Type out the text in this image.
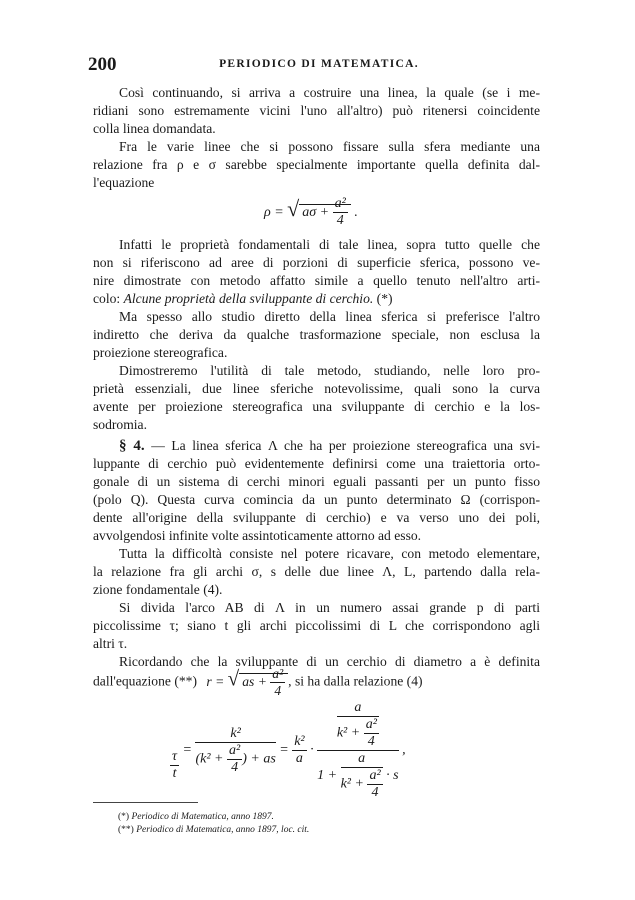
200	PERIODICO DI MATEMATICA.
Così continuando, si arriva a costruire una linea, la quale (se i me-
ridiani sono estremamente vicini l'uno all'altro) può ritenersi coincidente
colla linea domandata.
Fra le varie linee che si possono fissare sulla sfera mediante una
relazione fra ρ e σ sarebbe specialmente importante quella definita dal-
l'equazione
ρ = √ $a\sigma + \frac{\text{a²}}{4}$ .
Infatti le proprietà fondamentali di tale linea, sopra tutto quelle che
non si riferiscono ad aree di porzioni di superficie sferica, possono ve-
nire dimostrate con metodo affatto simile a quello tenuto nell'altro arti-
colo: Alcune proprietà della sviluppante di cerchio. (*)
Ma spesso allo studio diretto della linea sferica si preferisce l'altro
indiretto che deriva da qualche trasformazione speciale, non esclusa la
proiezione stereografica.
Dimostreremo l'utilità di tale metodo, studiando, nelle loro pro-
prietà essenziali, due linee sferiche notevolissime, quali sono la curva
avente per proiezione stereografica una sviluppante di cerchio e la los-
sodromia.
§ 4. — La linea sferica Λ che ha per proiezione stereografica una svi-
luppante di cerchio può evidentemente definirsi come una traiettoria orto-
gonale di un sistema di cerchi minori eguali passanti per un punto fisso
(polo Q). Questa curva comincia da un punto determinato Ω (corrispon-
dente all'origine della sviluppante di cerchio) e va verso uno dei poli,
avvolgendosi infinite volte assintoticamente attorno ad esso.
Tutta la difficoltà consiste nel potere ricavare, con metodo elementare,
la relazione fra gli archi σ, s delle due linee Λ, L, partendo dalla rela-
zione fondamentale (4).
Si divida l'arco AB di Λ in un numero assai grande p di parti
piccolissime τ; siano t gli archi piccolissimi di L che corrispondono agli
altri τ.
Ricordando che la sviluppante di un cerchio di diametro a è definita
dall'equazione (**) r = √ as + $\frac{\text{a²}}{4}$ , si ha dalla relazione (4)
$\frac{\tau}{t} = \frac{\text{k²}}{(k^2 + \frac{\text{a²}}{4} ) + as} = \frac{\text{k²}}{a} \cdot \frac{\frac{a}{k^2 + \frac{\text{a²}}{4}}}{1 + \frac{a}{k^2 + \frac{\text{a²}}{4}} \cdot s}$ ,
(*) Periodico di Matematica, anno 1897.
(**) Periodico di Matematica, anno 1897, loc. cit.
